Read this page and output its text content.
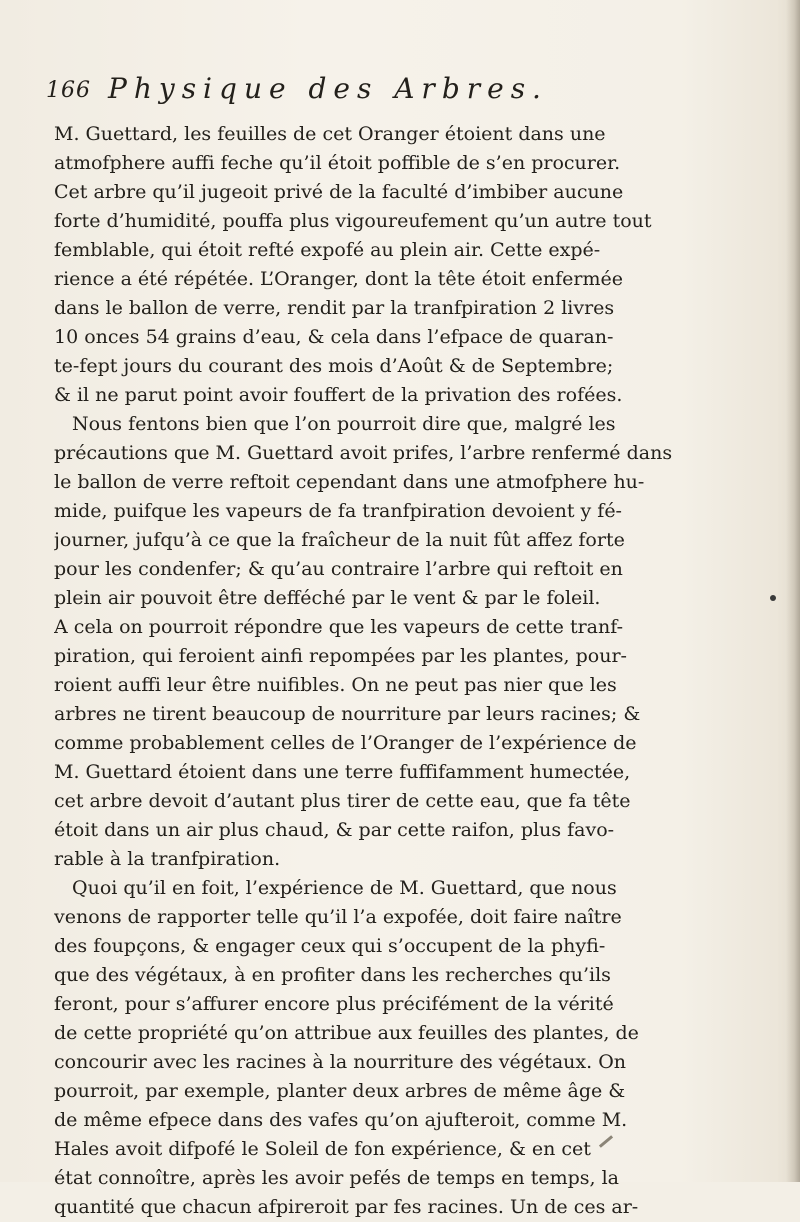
166 Physique des Arbres.
M. Guettard, les feuilles de cet Oranger étoient dans une
atmofphere auffi feche qu’il étoit poffible de s’en procurer.
Cet arbre qu’il jugeoit privé de la faculté d’imbiber aucune
forte d’humidité, pouffa plus vigoureufement qu’un autre tout
femblable, qui étoit refté expofé au plein air. Cette expé-
rience a été répétée. L’Oranger, dont la tête étoit enfermée
dans le ballon de verre, rendit par la tranfpiration 2 livres
10 onces 54 grains d’eau, & cela dans l’efpace de quaran-
te-fept jours du courant des mois d’Août & de Septembre;
& il ne parut point avoir fouffert de la privation des rofées.
Nous fentons bien que l’on pourroit dire que, malgré les
précautions que M. Guettard avoit prifes, l’arbre renfermé dans
le ballon de verre reftoit cependant dans une atmofphere hu-
mide, puifque les vapeurs de fa tranfpiration devoient y fé-
journer, jufqu’à ce que la fraîcheur de la nuit fût affez forte
pour les condenfer; & qu’au contraire l’arbre qui reftoit en
plein air pouvoit être defféché par le vent & par le foleil.
A cela on pourroit répondre que les vapeurs de cette tranf-
piration, qui feroient ainfi repompées par les plantes, pour-
roient auffi leur être nuifibles. On ne peut pas nier que les
arbres ne tirent beaucoup de nourriture par leurs racines; &
comme probablement celles de l’Oranger de l’expérience de
M. Guettard étoient dans une terre fuffifamment humectée,
cet arbre devoit d’autant plus tirer de cette eau, que fa tête
étoit dans un air plus chaud, & par cette raifon, plus favo-
rable à la tranfpiration.
Quoi qu’il en foit, l’expérience de M. Guettard, que nous
venons de rapporter telle qu’il l’a expofée, doit faire naître
des foupçons, & engager ceux qui s’occupent de la phyfi-
que des végétaux, à en profiter dans les recherches qu’ils
feront, pour s’affurer encore plus précifément de la vérité
de cette propriété qu’on attribue aux feuilles des plantes, de
concourir avec les racines à la nourriture des végétaux. On
pourroit, par exemple, planter deux arbres de même âge &
de même efpece dans des vafes qu’on ajufteroit, comme M.
Hales avoit difpofé le Soleil de fon expérience, & en cet
état connoître, après les avoir pefés de temps en temps, la
quantité que chacun afpireroit par fes racines. Un de ces ar-
